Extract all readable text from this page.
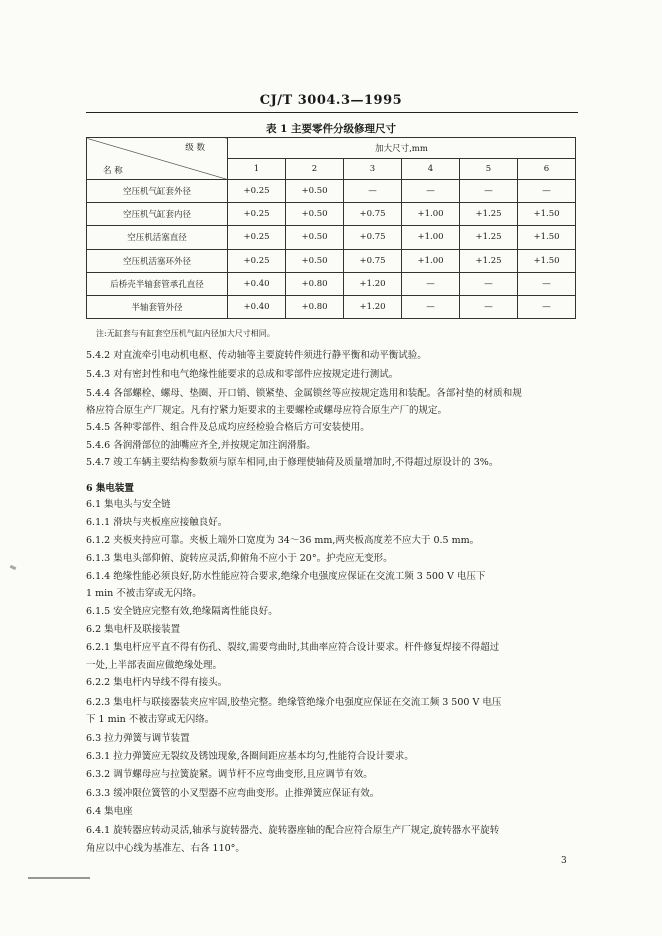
CJ/T 3004.3—1995
表 1 主要零件分级修理尺寸
级 数
名 称	加大尺寸,mm					
	1	2	3	4	5	6
空压机气缸套外径	+0.25	+0.50	—	—	—	—
空压机气缸套内径	+0.25	+0.50	+0.75	+1.00	+1.25	+1.50
空压机活塞直径	+0.25	+0.50	+0.75	+1.00	+1.25	+1.50
空压机活塞环外径	+0.25	+0.50	+0.75	+1.00	+1.25	+1.50
后桥壳半轴套管承孔直径	+0.40	+0.80	+1.20	—	—	—
半轴套管外径	+0.40	+0.80	+1.20	—	—	—
注:无缸套与有缸套空压机气缸内径加大尺寸相同。
5.4.2 对直流牵引电动机电枢、传动轴等主要旋转件须进行静平衡和动平衡试验。
5.4.3 对有密封性和电气绝缘性能要求的总成和零部件应按规定进行测试。
5.4.4 各部螺栓、螺母、垫圈、开口销、锁紧垫、金属锁丝等应按规定选用和装配。各部衬垫的材质和规
格应符合原生产厂规定。凡有拧紧力矩要求的主要螺栓或螺母应符合原生产厂的规定。
5.4.5 各种零部件、组合件及总成均应经检验合格后方可安装使用。
5.4.6 各润滑部位的油嘴应齐全,并按规定加注润滑脂。
5.4.7 竣工车辆主要结构参数须与原车相同,由于修理使轴荷及质量增加时,不得超过原设计的 3%。
6 集电装置
6.1 集电头与安全链
6.1.1 滑块与夹板座应接触良好。
6.1.2 夹板夹持应可靠。夹板上端外口宽度为 34～36 mm,两夹板高度差不应大于 0.5 mm。
6.1.3 集电头部仰俯、旋转应灵活,仰俯角不应小于 20°。护壳应无变形。
6.1.4 绝缘性能必须良好,防水性能应符合要求,绝缘介电强度应保证在交流工频 3 500 V 电压下
1 min 不被击穿或无闪络。
6.1.5 安全链应完整有效,绝缘隔离性能良好。
6.2 集电杆及联接装置
6.2.1 集电杆应平直不得有伤孔、裂纹,需要弯曲时,其曲率应符合设计要求。杆件修复焊接不得超过
一处,上半部表面应做绝缘处理。
6.2.2 集电杆内导线不得有接头。
6.2.3 集电杆与联接器装夹应牢固,胶垫完整。绝缘管绝缘介电强度应保证在交流工频 3 500 V 电压
下 1 min 不被击穿或无闪络。
6.3 拉力弹簧与调节装置
6.3.1 拉力弹簧应无裂纹及锈蚀现象,各圈间距应基本均匀,性能符合设计要求。
6.3.2 调节螺母应与拉簧旋紧。调节杆不应弯曲变形,且应调节有效。
6.3.3 缓冲限位簧管的小叉型器不应弯曲变形。止推弹簧应保证有效。
6.4 集电座
6.4.1 旋转器应转动灵活,轴承与旋转器壳、旋转器座轴的配合应符合原生产厂规定,旋转器水平旋转
角应以中心线为基准左、右各 110°。
3
